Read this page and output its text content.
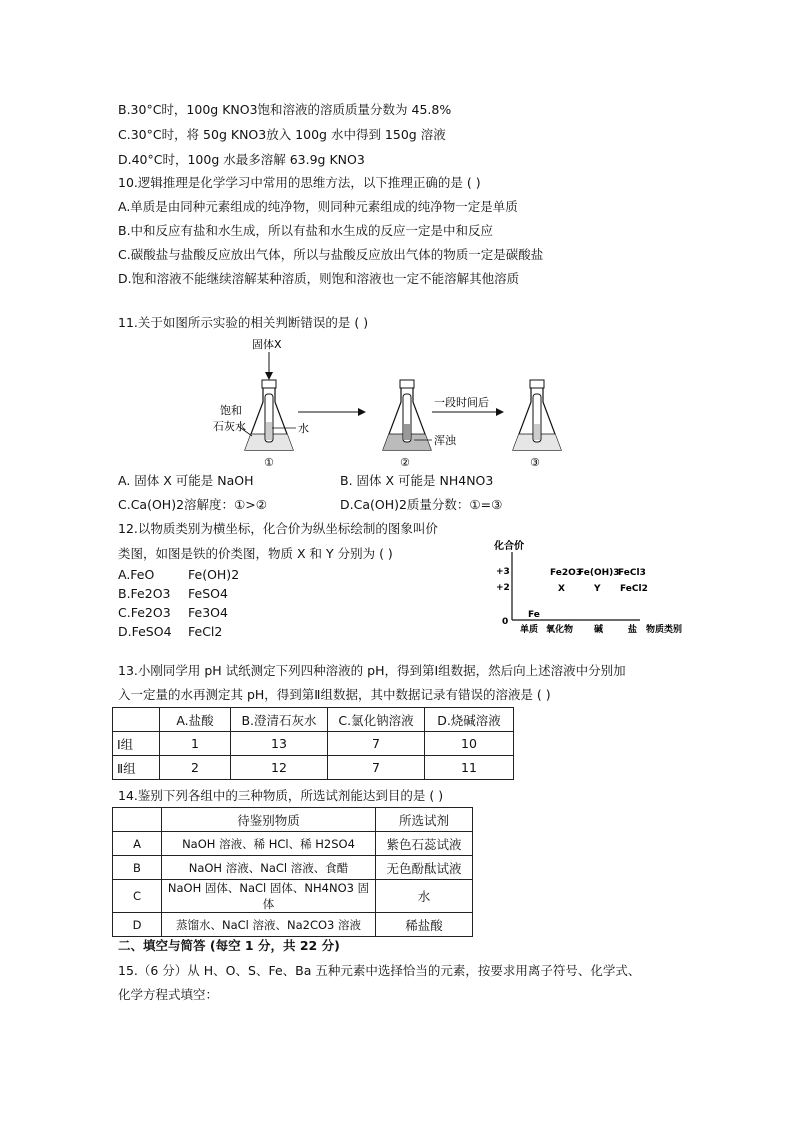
B.30°C时，100g KNO3饱和溶液的溶质质量分数为 45.8%
C.30°C时，将 50g KNO3放入 100g 水中得到 150g 溶液
D.40°C时，100g 水最多溶解 63.9g KNO3
10.逻辑推理是化学学习中常用的思维方法，以下推理正确的是 ( )
A.单质是由同种元素组成的纯净物，则同种元素组成的纯净物一定是单质
B.中和反应有盐和水生成，所以有盐和水生成的反应一定是中和反应
C.碳酸盐与盐酸反应放出气体，所以与盐酸反应放出气体的物质一定是碳酸盐
D.饱和溶液不能继续溶解某种溶质，则饱和溶液也一定不能溶解其他溶质
11.关于如图所示实验的相关判断错误的是 ( )
固体X
饱和
石灰水	水
①
浑浊
②
一段时间后
③
A. 固体 X 可能是 NaOH	B. 固体 X 可能是 NH4NO3
C.Ca(OH)2溶解度：①>②	D.Ca(OH)2质量分数：①=③
12.以物质类别为横坐标，化合价为纵坐标绘制的图象叫价
类图，如图是铁的价类图，物质 X 和 Y 分别为 ( )
A.FeO	Fe(OH)2
B.Fe2O3 FeSO4
C.Fe2O3 Fe3O4
D.FeSO4 FeCl2
化合价
+3
+2
0
Fe2O3
Fe(OH)3
FeCl3
X	Y FeCl2
Fe
单质 氧化物 碱	盐 物质类别
13.小刚同学用 pH 试纸测定下列四种溶液的 pH，得到第Ⅰ组数据，然后向上述溶液中分别加
入一定量的水再测定其 pH，得到第Ⅱ组数据，其中数据记录有错误的溶液是 ( )
	A.盐酸	B.澄清石灰水	C.氯化钠溶液	D.烧碱溶液
Ⅰ组	1	13	7	10
Ⅱ组	2	12	7	11
14.鉴别下列各组中的三种物质，所选试剂能达到目的是 ( )
	待鉴别物质	所选试剂
A	NaOH 溶液、稀 HCl、稀 H2SO4	紫色石蕊试液
B	NaOH 溶液、NaCl 溶液、食醋	无色酚酞试液
C	NaOH 固体、NaCl 固体、NH4NO3 固体	水
D	蒸馏水、NaCl 溶液、Na2CO3 溶液	稀盐酸
二、填空与简答 (每空 1 分，共 22 分)
15.（6 分）从 H、O、S、Fe、Ba 五种元素中选择恰当的元素，按要求用离子符号、化学式、
化学方程式填空：
